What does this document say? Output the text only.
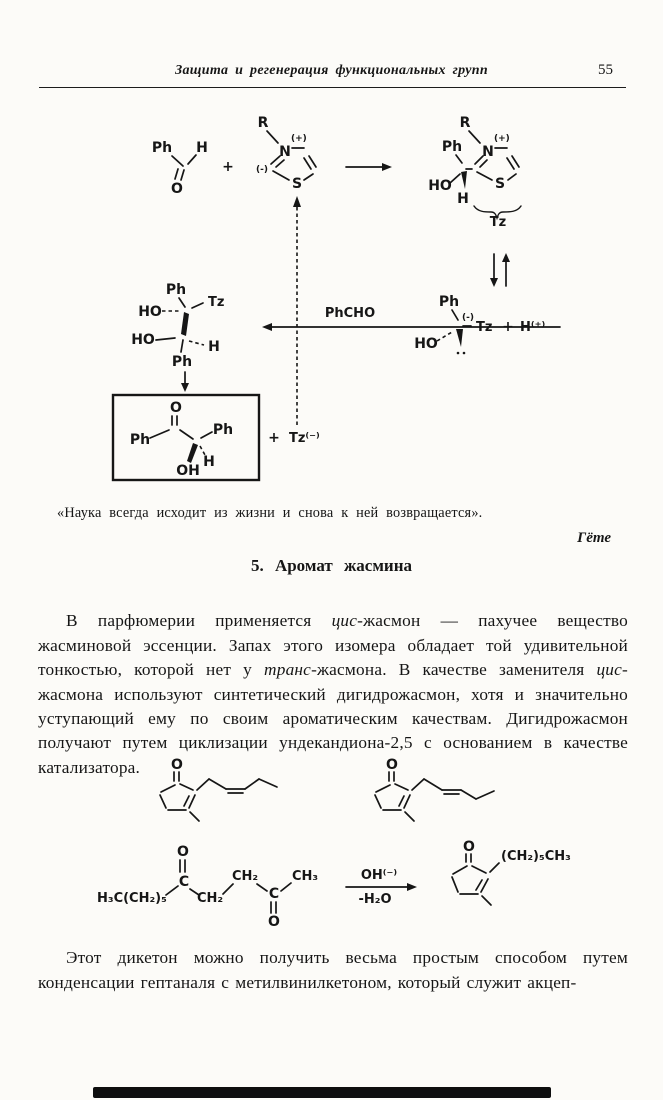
Защита и регенерация функциональных групп	55
Ph
O
H
+
R
(+)
N
(-)
S
R
(+)
N
S
Ph
HO
H
Tz
Ph
(-)
Tz
HO
+ H⁽⁺⁾
PhCHO
Ph
HO
Tz
HO	H
Ph
O
Ph
Ph
H
OH
+ Tz⁽⁻⁾
«Наука всегда исходит из жизни и снова к ней возвращается».
Гёте
5. Аромат жасмина

В парфюмерии применяется цис-жасмон — пахучее вещество жасминовой эссенции. Запах этого изомера обладает той удивительной тонкостью, которой нет у транс-жасмона. В качестве заменителя цис-жасмона используют синтетический дигидрожасмон, хотя и значительно уступающий ему по своим ароматическим качествам. Дигидрожасмон получают путем циклизации ундекандиона-2,5 с основанием в качестве катализатора.	O	O
H₃C(CH₂)₅
C
O
CH₂
CH₂
C
O
CH₃	OH⁽⁻⁾
-H₂O
O
(CH₂)₅CH₃

Этот дикетон можно получить весьма простым способом путем конденсации гептаналя с метилвинилкетоном, который служит акцеп-
